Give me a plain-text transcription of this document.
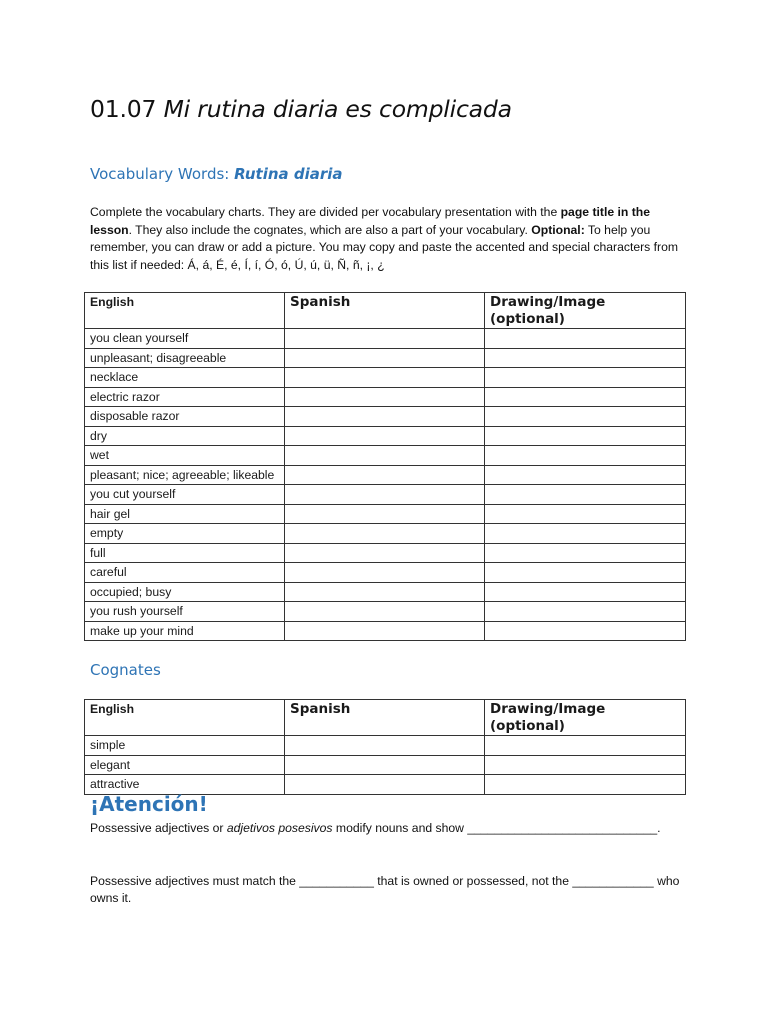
01.07 Mi rutina diaria es complicada
Vocabulary Words: Rutina diaria
Complete the vocabulary charts. They are divided per vocabulary presentation with the page title in the lesson. They also include the cognates, which are also a part of your vocabulary. Optional: To help you remember, you can draw or add a picture. You may copy and paste the accented and special characters from this list if needed: Á, á, É, é, Í, í, Ó, ó, Ú, ú, ü, Ñ, ñ, ¡, ¿
English	Spanish	Drawing/Image (optional)
you clean yourself		
unpleasant; disagreeable		
necklace		
electric razor		
disposable razor		
dry		
wet		
pleasant; nice; agreeable; likeable		
you cut yourself		
hair gel		
empty		
full		
careful		
occupied; busy		
you rush yourself		
make up your mind		
Cognates
English	Spanish	Drawing/Image (optional)
simple		
elegant		
attractive		
¡Atención!
Possessive adjectives or adjetivos posesivos modify nouns and show ____________________________.
Possessive adjectives must match the ___________ that is owned or possessed, not the ____________ who owns it.
